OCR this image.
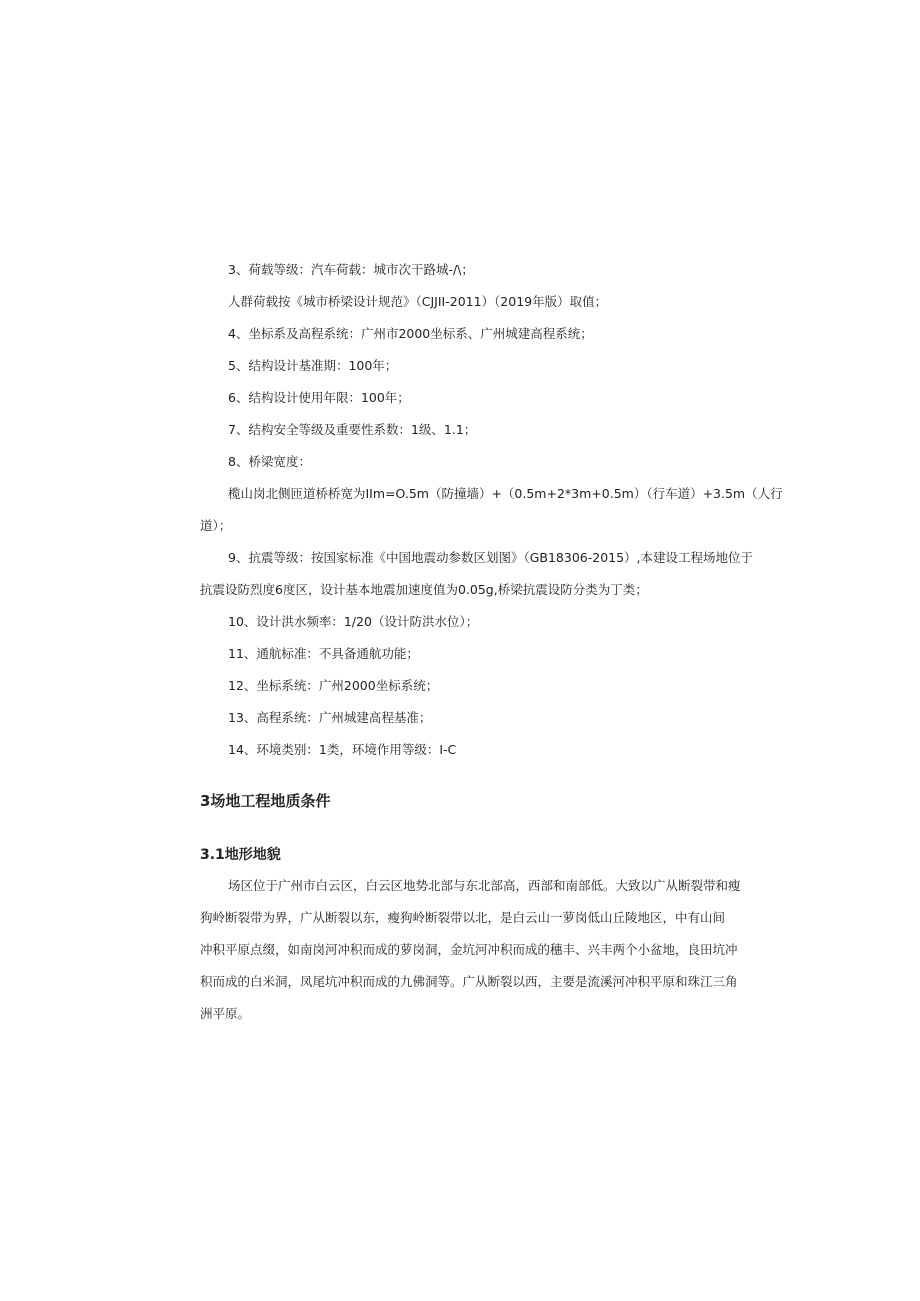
3、荷载等级：汽车荷载：城市次干路城-/\；
人群荷载按《城市桥梁设计规范》（CJJII-2011）（2019年版）取值；
4、坐标系及高程系统：广州市2000坐标系、广州城建高程系统；
5、结构设计基准期：100年；
6、结构设计使用年限：100年；
7、结构安全等级及重要性系数：1级、1.1；
8、桥梁宽度：
榄山岗北侧匝道桥桥宽为IIm=O.5m（防撞墙）+（0.5m+2*3m+0.5m）（行车道）+3.5m（人行
道）；
9、抗震等级：按国家标准《中国地震动参数区划图》（GB18306-2015）,本建设工程场地位于
抗震设防烈度6度区，设计基本地震加速度值为0.05g,桥梁抗震设防分类为丁类；
10、设计洪水频率：1/20（设计防洪水位）；
11、通航标准：不具备通航功能；
12、坐标系统：广州2000坐标系统；
13、高程系统：广州城建高程基准；
14、环境类别：1类，环境作用等级：I-C
3场地工程地质条件
3.1地形地貌
场区位于广州市白云区，白云区地势北部与东北部高，西部和南部低。大致以广从断裂带和瘦
狗岭断裂带为界，广从断裂以东，瘦狗岭断裂带以北，是白云山一萝岗低山丘陵地区，中有山间
冲积平原点缀，如南岗河冲积而成的萝岗洞，金坑河冲积而成的穗丰、兴丰两个小盆地，良田坑冲
积而成的白米洞，凤尾坑冲积而成的九佛洞等。广从断裂以西，主要是流溪河冲积平原和珠江三角
洲平原。
